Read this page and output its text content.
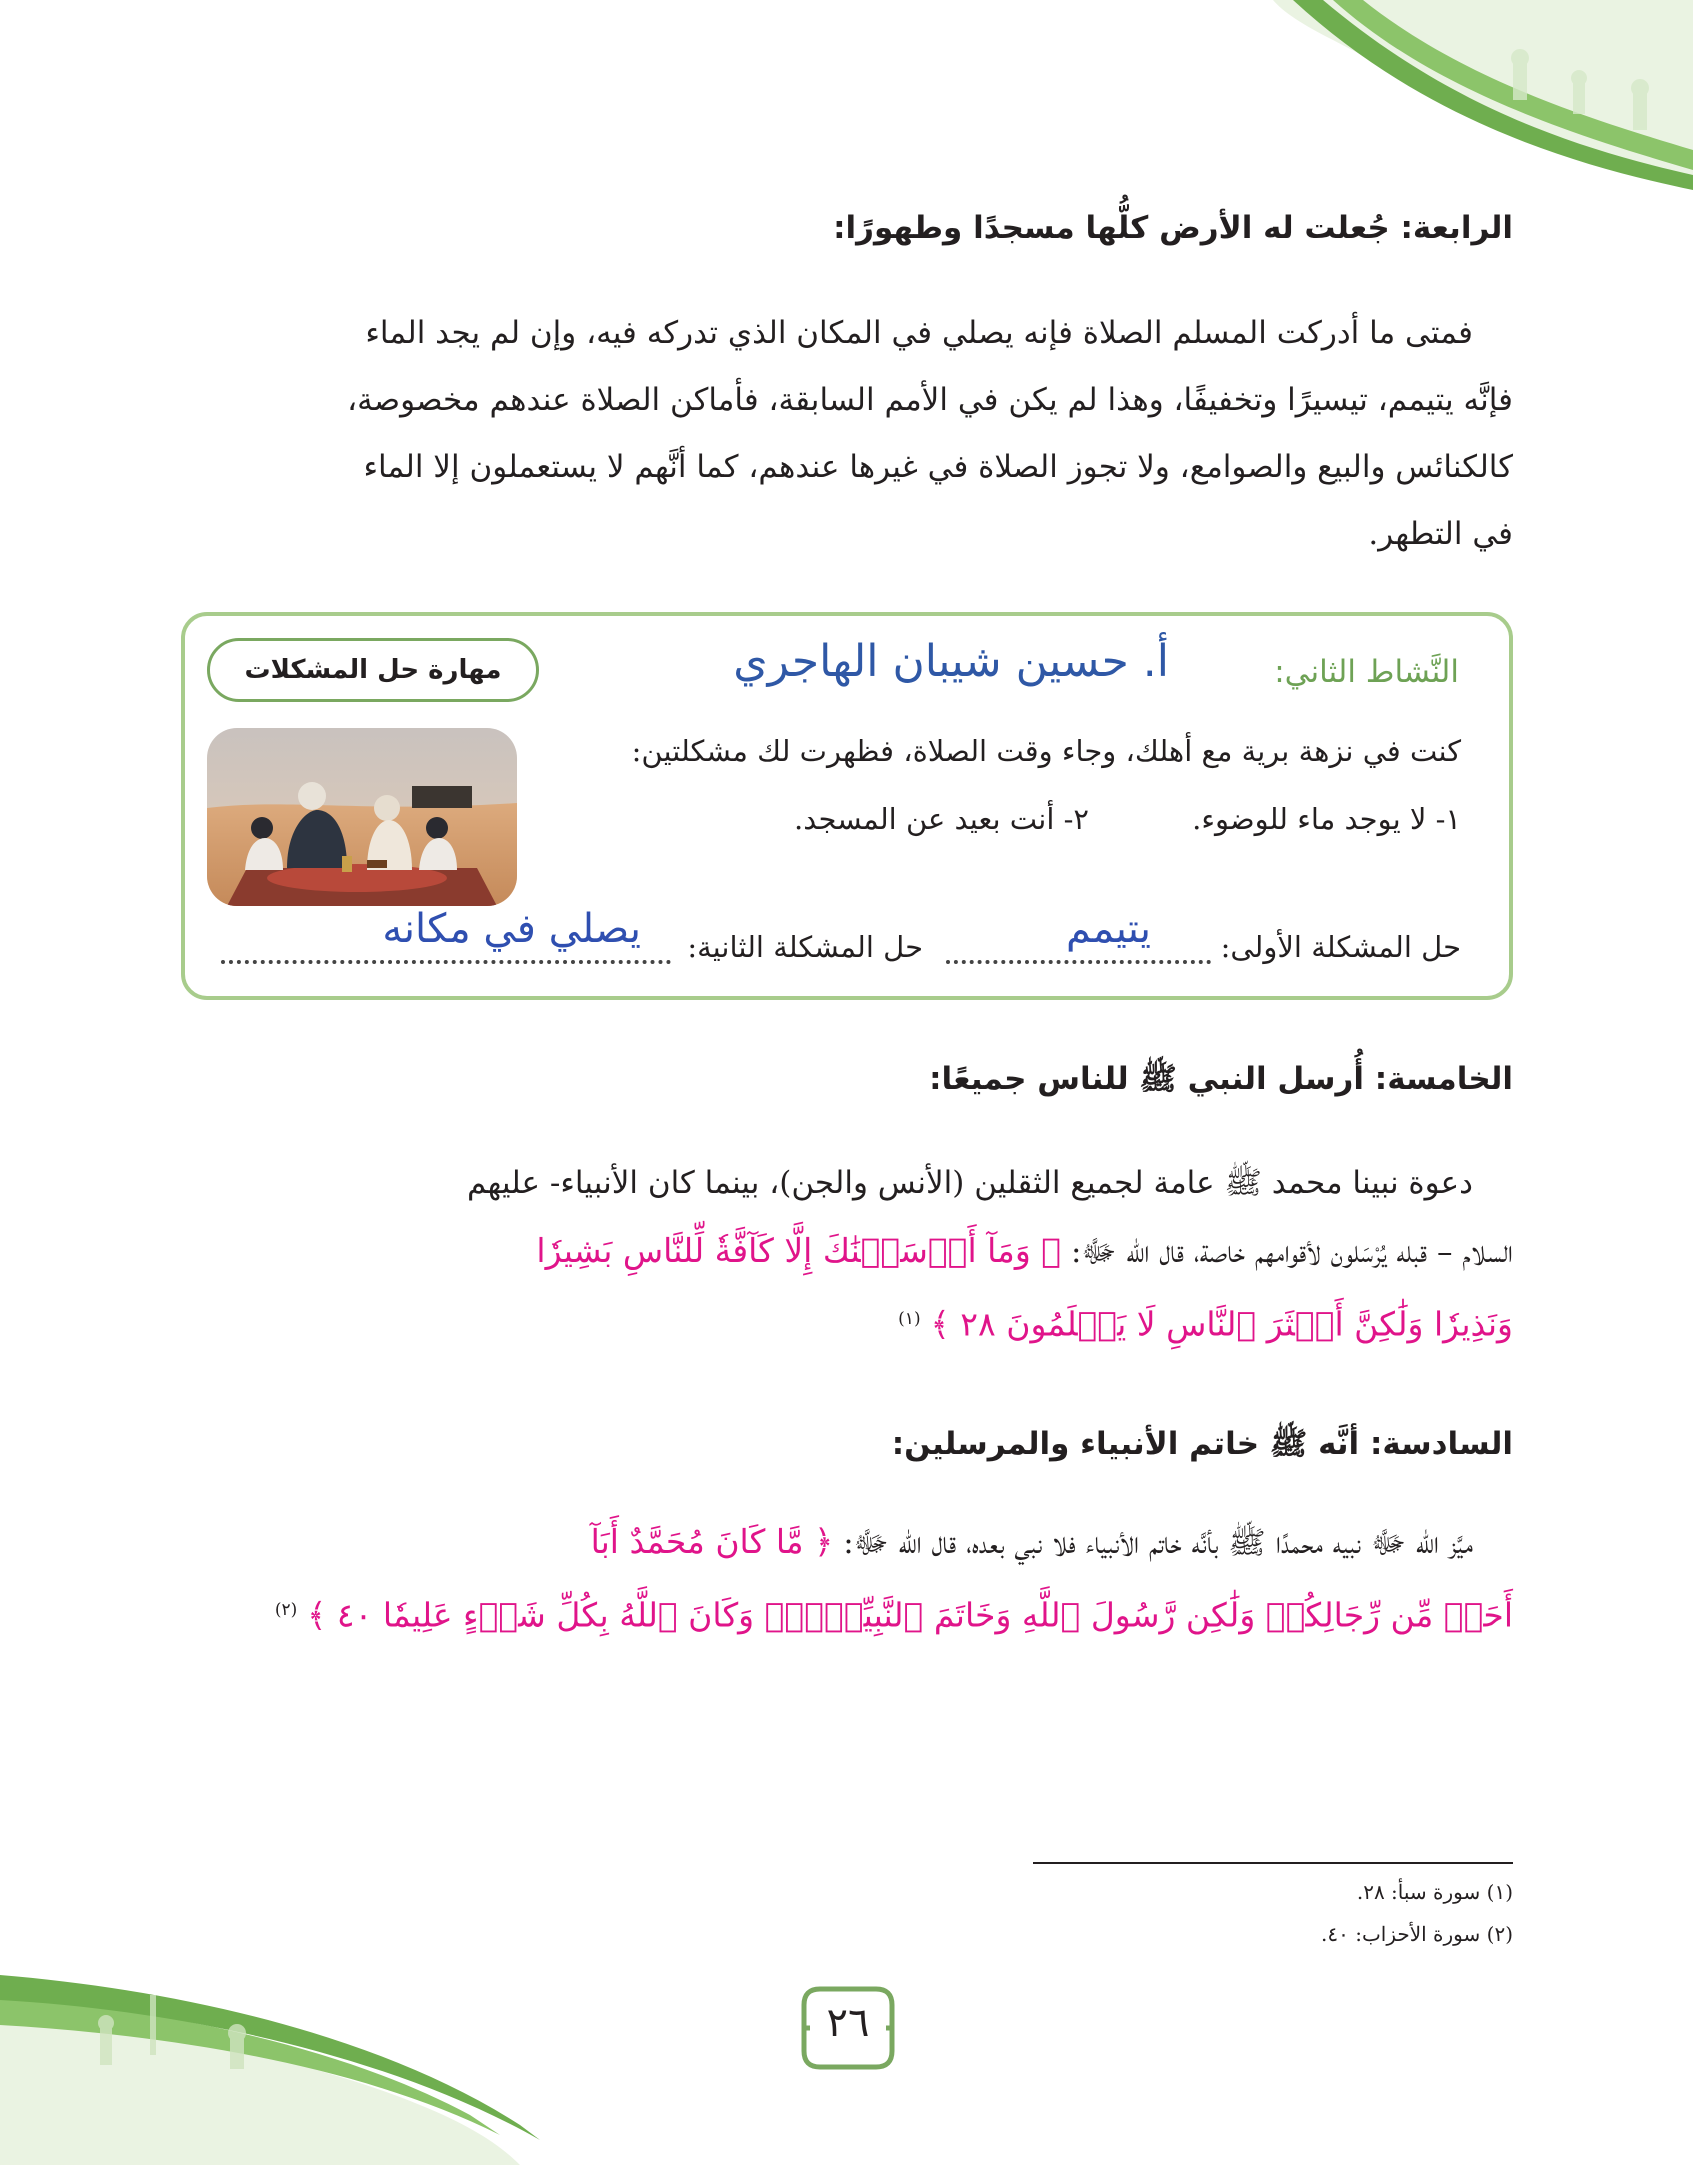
الرابعة: جُعلت له الأرض كلُّها مسجدًا وطهورًا:

فمتى ما أدركت المسلم الصلاة فإنه يصلي في المكان الذي تدركه فيه، وإن لم يجد الماء

فإنَّه يتيمم، تيسيرًا وتخفيفًا، وهذا لم يكن في الأمم السابقة، فأماكن الصلاة عندهم مخصوصة،

كالكنائس والبيع والصوامع، ولا تجوز الصلاة في غيرها عندهم، كما أنَّهم لا يستعملون إلا الماء

في التطهر.

النَّشاط الثاني:
أ. حسين شيبان الهاجري
مهارة حل المشكلات
كنت في نزهة برية مع أهلك، وجاء وقت الصلاة، فظهرت لك مشكلتين:
١- لا يوجد ماء للوضوء.
٢- أنت بعيد عن المسجد.
حل المشكلة الأولى:
يتيمم
حل المشكلة الثانية:
يصلي في مكانه
الخامسة: أُرسل النبي ﷺ للناس جميعًا:

دعوة نبينا محمد ﷺ عامة لجميع الثقلين (الأنس والجن)، بينما كان الأنبياء- عليهم

السلام – قبله يُرْسَلون لأقوامهم خاصة، قال الله ﷻ: ﴿ وَمَآ أَرۡسَلۡنَٰكَ إِلَّا كَآفَّةٗ لِّلنَّاسِ بَشِيرٗا

وَنَذِيرٗا وَلَٰكِنَّ أَكۡثَرَ ٱلنَّاسِ لَا يَعۡلَمُونَ ٢٨ ﴾ $^{(١)}$

السادسة: أنَّه ﷺ خاتم الأنبياء والمرسلين:

ميَّز الله ﷻ نبيه محمدًا ﷺ بأنَّه خاتم الأنبياء فلا نبي بعده، قال الله ﷻ: ﴿ مَّا كَانَ مُحَمَّدٌ أَبَآ

أَحَدٖ مِّن رِّجَالِكُمۡ وَلَٰكِن رَّسُولَ ٱللَّهِ وَخَاتَمَ ٱلنَّبِيِّـۧنَۗ وَكَانَ ٱللَّهُ بِكُلِّ شَيۡءٍ عَلِيمٗا ٤٠ ﴾ $^{(٢)}$

(١) سورة سبأ: ٢٨.
(٢) سورة الأحزاب: ٤٠.
٢٦
